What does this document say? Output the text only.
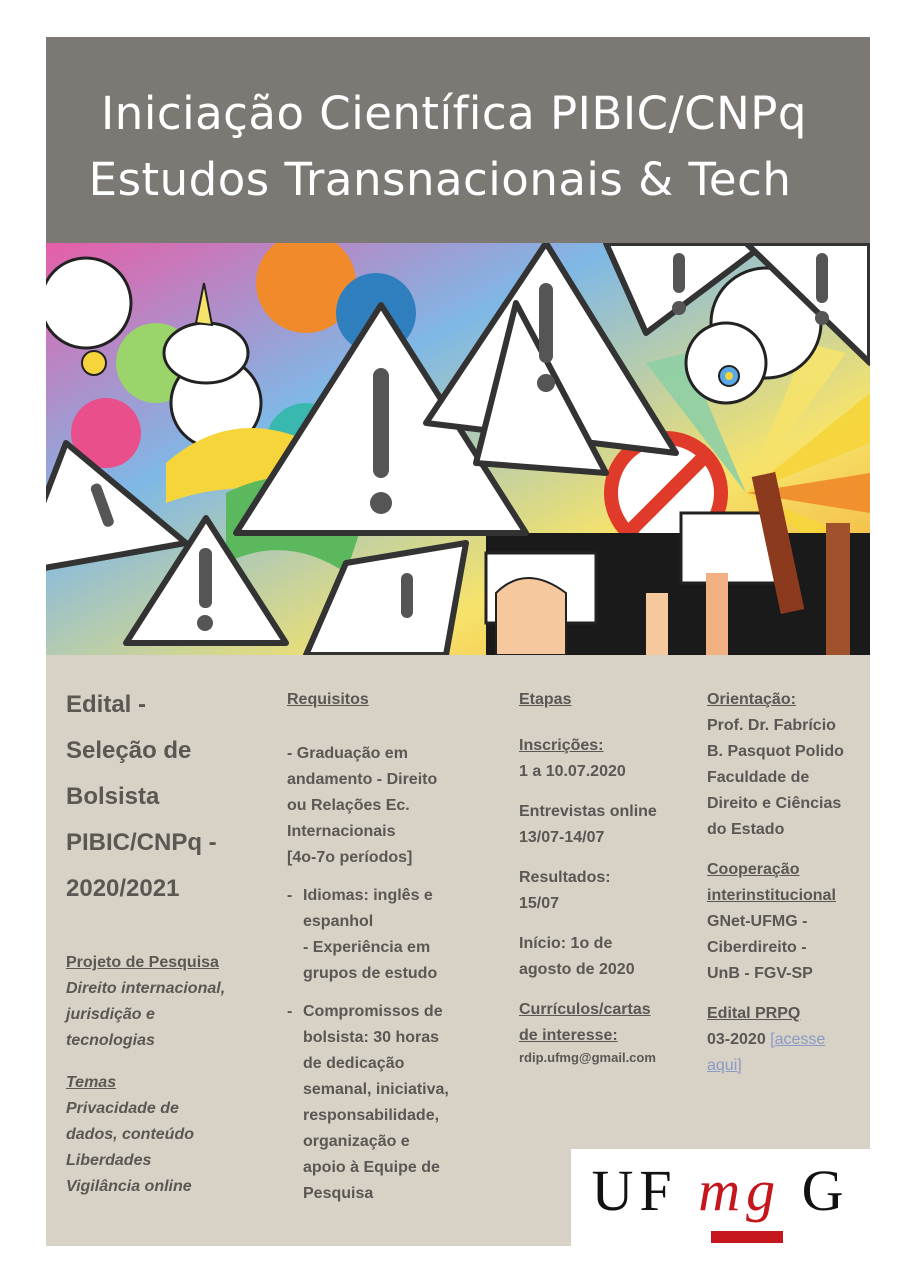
Iniciação Científica PIBIC/CNPq
Estudos Transnacionais & Tech
Edital -
Seleção de
Bolsista
PIBIC/CNPq -
2020/2021
Projeto de Pesquisa
Direito internacional,
jurisdição e
tecnologias
Temas
Privacidade de
dados, conteúdo
Liberdades
Vigilância online
Requisitos
- Graduação em
andamento - Direito
ou Relações Ec.
Internacionais
[4o-7o períodos]
- Idiomas: inglês e
espanhol
- Experiência em
grupos de estudo
- Compromissos de
bolsista: 30 horas
de dedicação
semanal, iniciativa,
responsabilidade,
organização e
apoio à Equipe de
Pesquisa
Etapas
Inscrições:
1 a 10.07.2020
Entrevistas online
13/07-14/07
Resultados:
15/07
Início: 1o de
agosto de 2020
Currículos/cartas
de interesse:
rdip.ufmg@gmail.com
Orientação:
Prof. Dr. Fabrício
B. Pasquot Polido
Faculdade de
Direito e Ciências
do Estado
Cooperação
interinstitucional
GNet-UFMG -
Ciberdireito -
UnB - FGV-SP
Edital PRPQ
03-2020 [acesse
aqui]
UF mg G
